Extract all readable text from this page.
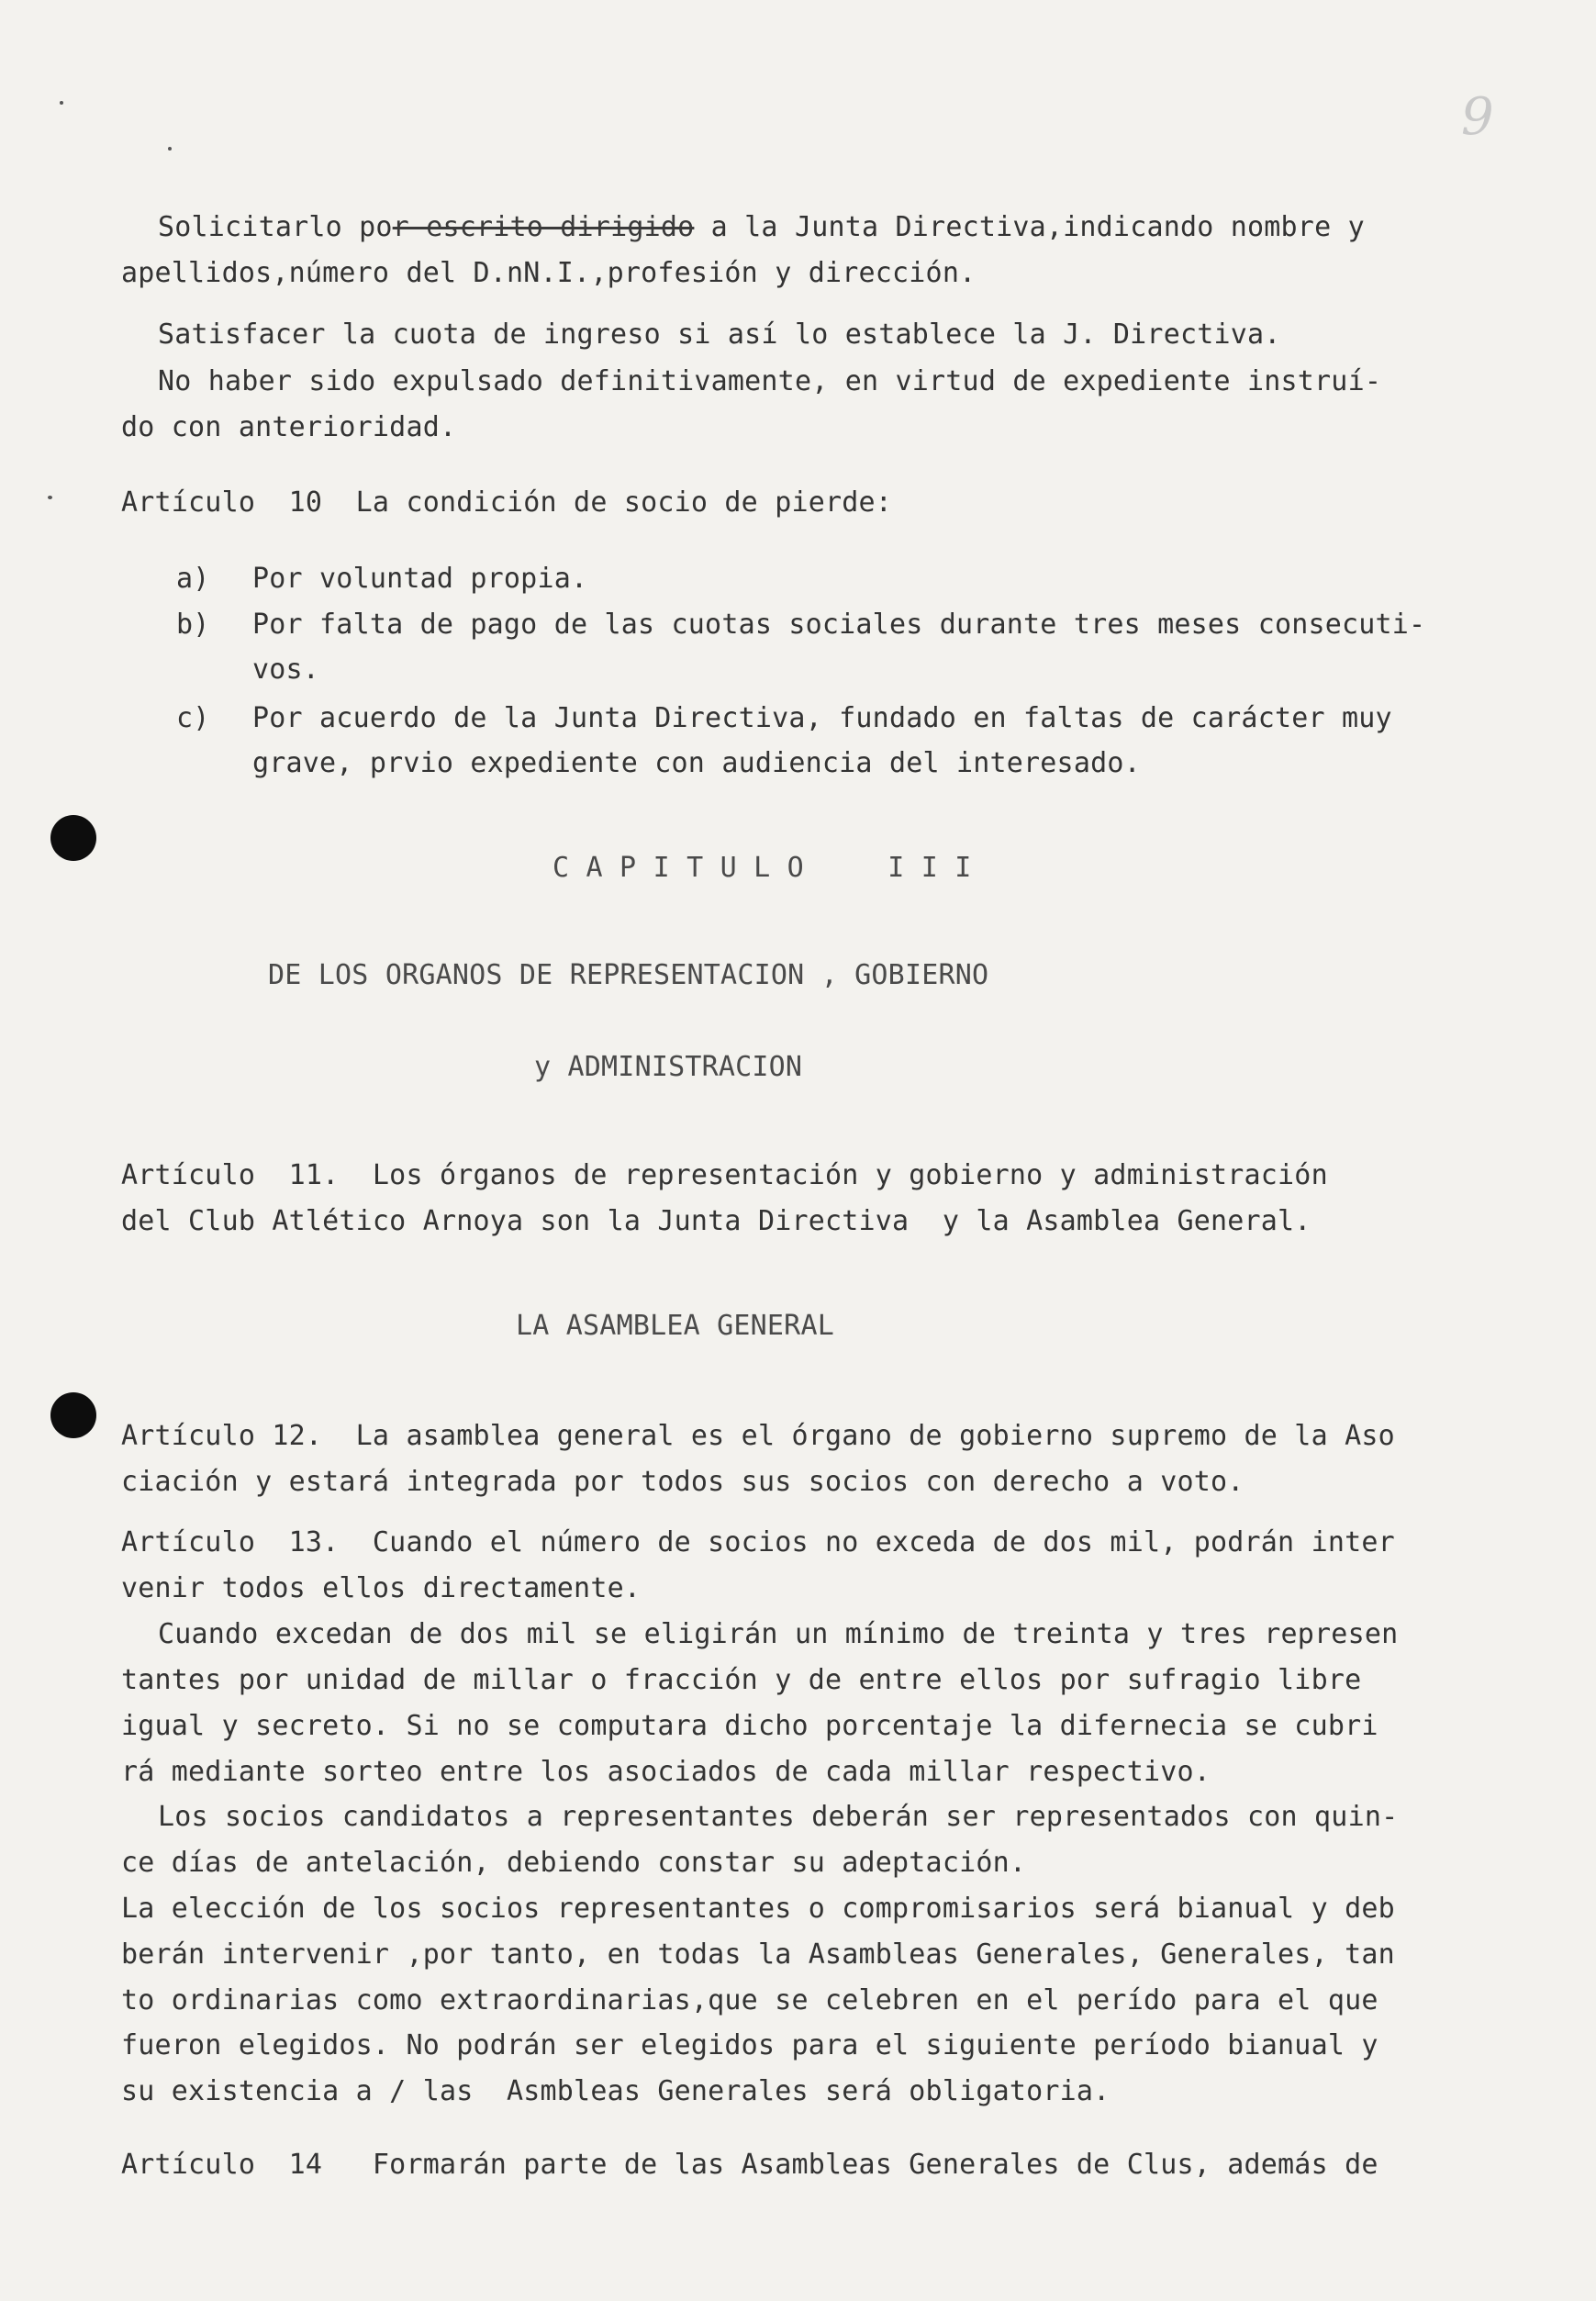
9
Solicitarlo por escrito dirigido a la Junta Directiva,indicando nombre y
apellidos,número del D.nN.I.,profesión y dirección.
Satisfacer la cuota de ingreso si así lo establece la J. Directiva.
No haber sido expulsado definitivamente, en virtud de expediente instruí-
do con anterioridad.
Artículo  10  La condición de socio de pierde:
a) Por voluntad propia.
b) Por falta de pago de las cuotas sociales durante tres meses consecuti-
vos.
c) Por acuerdo de la Junta Directiva, fundado en faltas de carácter muy
grave, prvio expediente con audiencia del interesado.
C A P I T U L O     I I I
DE LOS ORGANOS DE REPRESENTACION , GOBIERNO
y ADMINISTRACION
Artículo  11.  Los órganos de representación y gobierno y administración
del Club Atlético Arnoya son la Junta Directiva  y la Asamblea General.
LA ASAMBLEA GENERAL
Artículo 12.  La asamblea general es el órgano de gobierno supremo de la Aso
ciación y estará integrada por todos sus socios con derecho a voto.
Artículo  13.  Cuando el número de socios no exceda de dos mil, podrán inter
venir todos ellos directamente.
Cuando excedan de dos mil se eligirán un mínimo de treinta y tres represen
tantes por unidad de millar o fracción y de entre ellos por sufragio libre
igual y secreto. Si no se computara dicho porcentaje la difernecia se cubri
rá mediante sorteo entre los asociados de cada millar respectivo.
Los socios candidatos a representantes deberán ser representados con quin-
ce días de antelación, debiendo constar su adeptación.
La elección de los socios representantes o compromisarios será bianual y deb
berán intervenir ,por tanto, en todas la Asambleas Generales, Generales, tan
to ordinarias como extraordinarias,que se celebren en el perído para el que
fueron elegidos. No podrán ser elegidos para el siguiente período bianual y
su existencia a / las  Asmbleas Generales será obligatoria.
Artículo  14   Formarán parte de las Asambleas Generales de Clus, además de
